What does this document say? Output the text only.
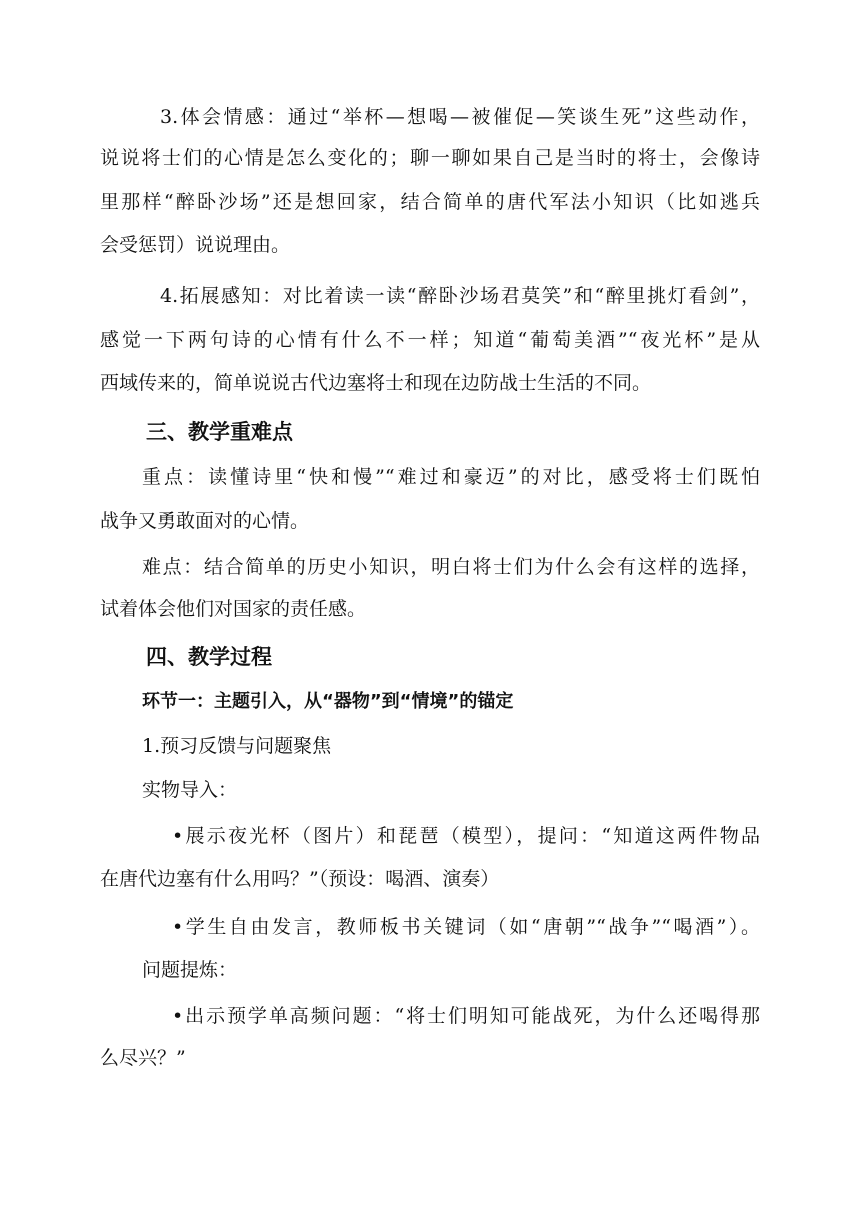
3.体会情感：通过“举杯—想喝—被催促—笑谈生死”这些动作，
说说将士们的心情是怎么变化的；聊一聊如果自己是当时的将士，会像诗
里那样“醉卧沙场”还是想回家，结合简单的唐代军法小知识（比如逃兵
会受惩罚）说说理由。
4.拓展感知：对比着读一读“醉卧沙场君莫笑”和“醉里挑灯看剑”，
感觉一下两句诗的心情有什么不一样；知道“葡萄美酒”“夜光杯”是从
西域传来的，简单说说古代边塞将士和现在边防战士生活的不同。
三、教学重难点
重点：读懂诗里“快和慢”“难过和豪迈”的对比，感受将士们既怕
战争又勇敢面对的心情。
难点：结合简单的历史小知识，明白将士们为什么会有这样的选择，
试着体会他们对国家的责任感。
四、教学过程
环节一：主题引入，从“器物”到“情境”的锚定
1.预习反馈与问题聚焦
实物导入：
•展示夜光杯（图片）和琵琶（模型），提问：“知道这两件物品
在唐代边塞有什么用吗？”（预设：喝酒、演奏）
•学生自由发言，教师板书关键词（如“唐朝”“战争”“喝酒”）。
问题提炼：
•出示预学单高频问题：“将士们明知可能战死，为什么还喝得那
么尽兴？”
